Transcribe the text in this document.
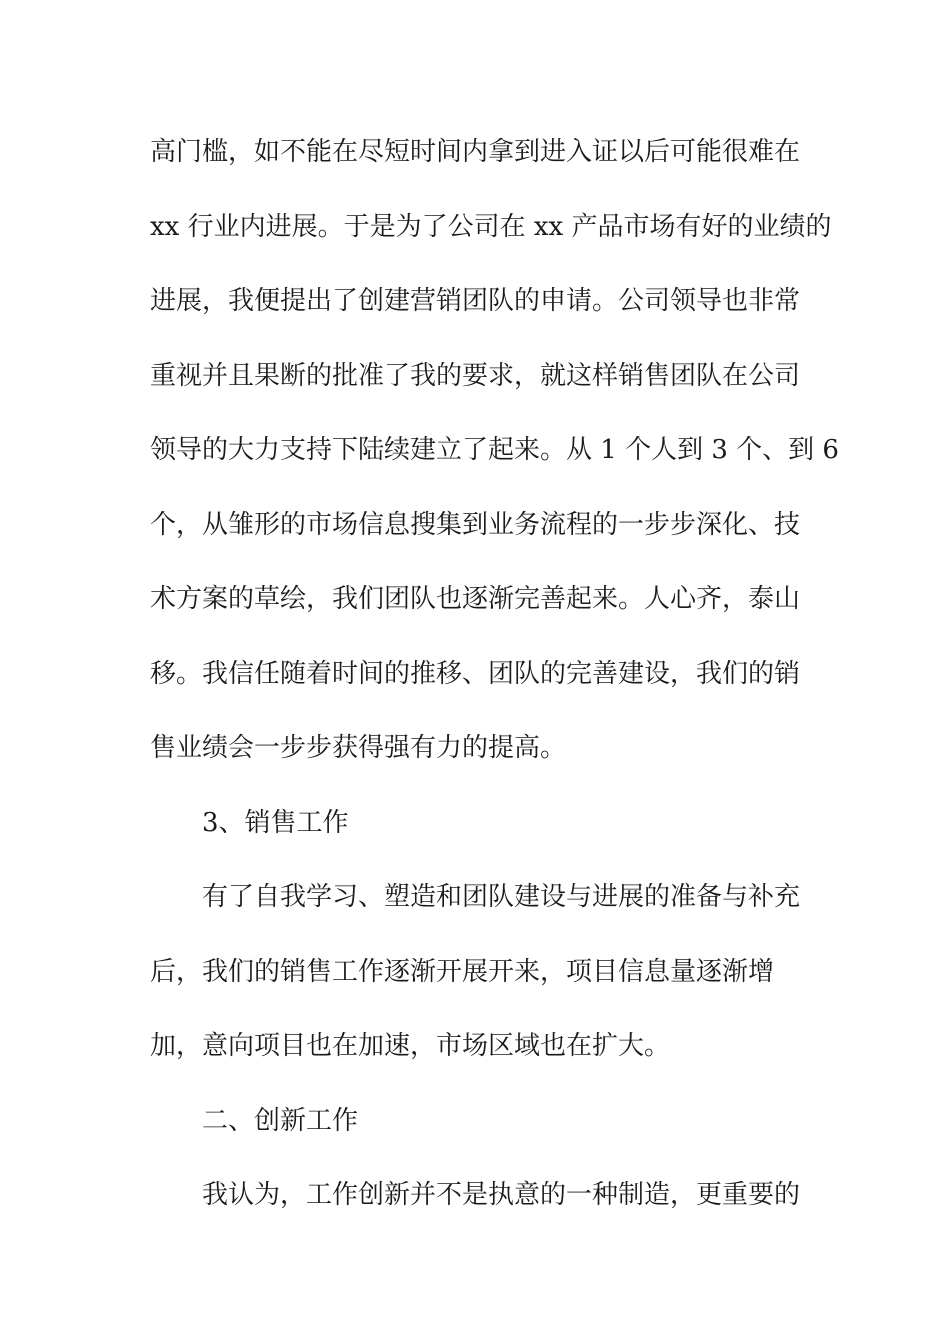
高门槛，如不能在尽短时间内拿到进入证以后可能很难在
xx 行业内进展。于是为了公司在 xx 产品市场有好的业绩的
进展，我便提出了创建营销团队的申请。公司领导也非常
重视并且果断的批准了我的要求，就这样销售团队在公司
领导的大力支持下陆续建立了起来。从 1 个人到 3 个、到 6
个，从雏形的市场信息搜集到业务流程的一步步深化、技
术方案的草绘，我们团队也逐渐完善起来。人心齐，泰山
移。我信任随着时间的推移、团队的完善建设，我们的销
售业绩会一步步获得强有力的提高。
3、销售工作
有了自我学习、塑造和团队建设与进展的准备与补充
后，我们的销售工作逐渐开展开来，项目信息量逐渐增
加，意向项目也在加速，市场区域也在扩大。
二、创新工作
我认为，工作创新并不是执意的一种制造，更重要的
